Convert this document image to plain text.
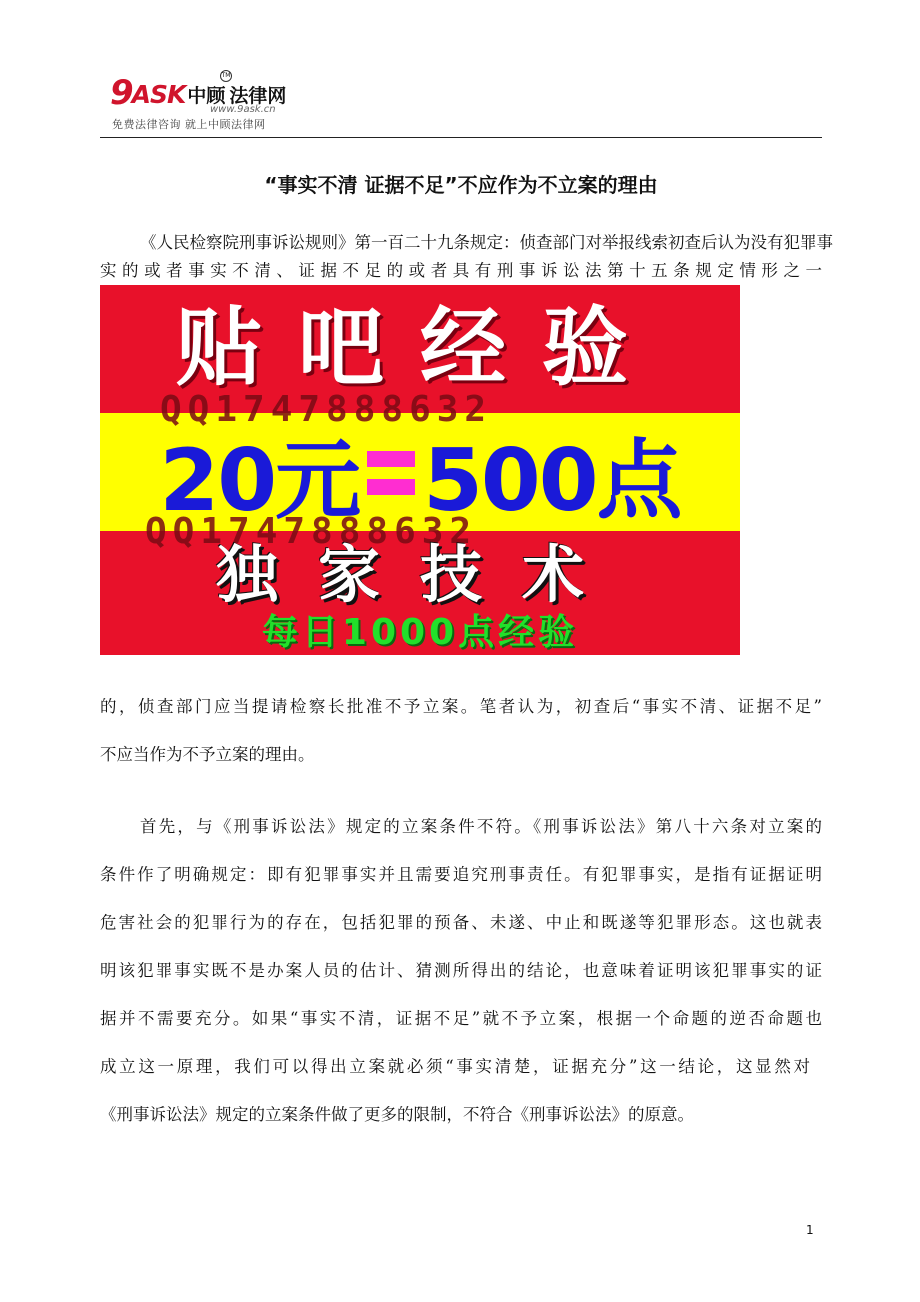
9 ASK 中顾 法律网
TM
www.9ask.cn
免费法律咨询 就上中顾法律网
“事实不清 证据不足”不应作为不立案的理由
《人民检察院刑事诉讼规则》第一百二十九条规定：侦查部门对举报线索初查后认为没有犯罪事
实的或者事实不清、证据不足的或者具有刑事诉讼法第十五条规定情形之一
贴吧经验
QQ1747888632
20元 500点
QQ1747888632
独家技术
每日1000点经验
的，侦查部门应当提请检察长批准不予立案。笔者认为，初查后“事实不清、证据不足”
不应当作为不予立案的理由。
首先，与《刑事诉讼法》规定的立案条件不符。《刑事诉讼法》第八十六条对立案的
条件作了明确规定：即有犯罪事实并且需要追究刑事责任。有犯罪事实，是指有证据证明
危害社会的犯罪行为的存在，包括犯罪的预备、未遂、中止和既遂等犯罪形态。这也就表
明该犯罪事实既不是办案人员的估计、猜测所得出的结论，也意味着证明该犯罪事实的证
据并不需要充分。如果“事实不清，证据不足”就不予立案，根据一个命题的逆否命题也
成立这一原理，我们可以得出立案就必须“事实清楚，证据充分”这一结论，这显然对
《刑事诉讼法》规定的立案条件做了更多的限制，不符合《刑事诉讼法》的原意。
1
